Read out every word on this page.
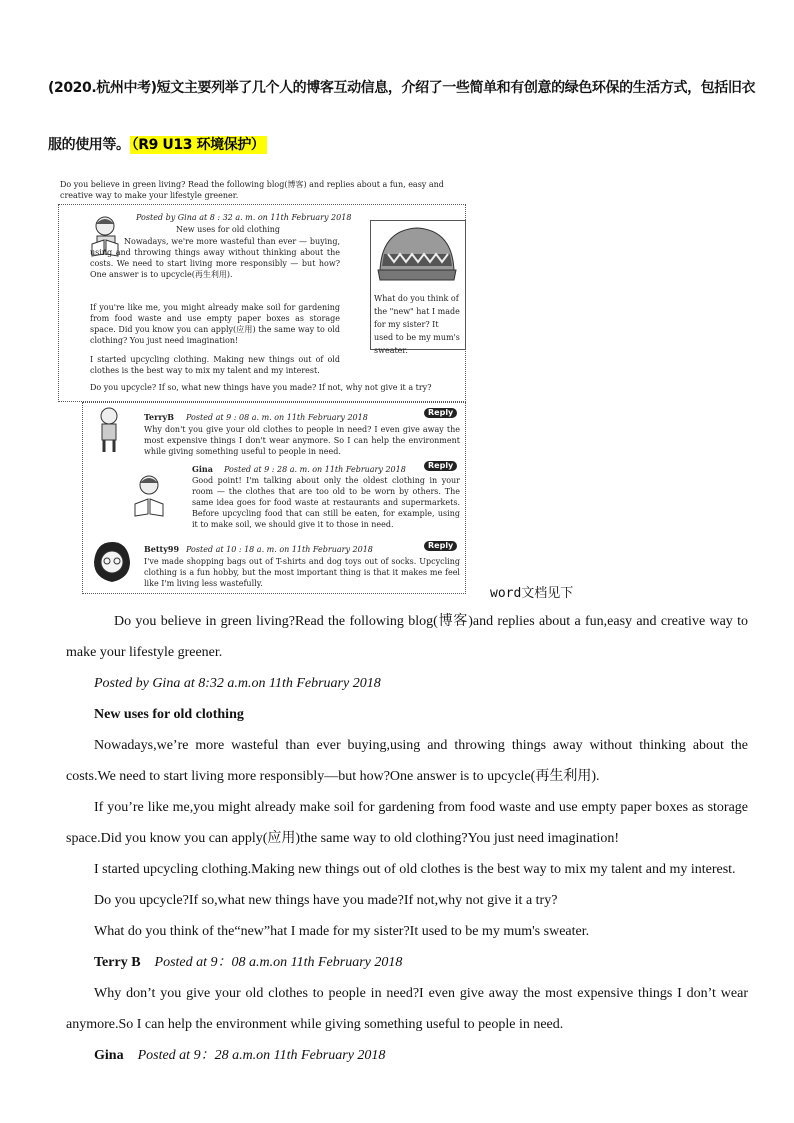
(2020.杭州中考)短文主要列举了几个人的博客互动信息，介绍了一些简单和有创意的绿色环保的生活方式，包括旧衣服的使用等。 （R9 U13 环境保护）
Do you believe in green living? Read the following blog(博客) and replies about a fun, easy and creative way to make your lifestyle greener.
Posted by Gina at 8 : 32 a. m. on 11th February 2018
New uses for old clothing
Nowadays, we're more wasteful than ever — buying, using and throwing things away without thinking about the costs. We need to start living more responsibly — but how? One answer is to upcycle(再生利用).
If you're like me, you might already make soil for gardening from food waste and use empty paper boxes as storage space. Did you know you can apply(应用) the same way to old clothing? You just need imagination!
I started upcycling clothing. Making new things out of old clothes is the best way to mix my talent and my interest.
Do you upcycle? If so, what new things have you made? If not, why not give it a try?
What do you think of the "new" hat I made for my sister? It used to be my mum's sweater.
TerryB Posted at 9 : 08 a. m. on 11th February 2018
Reply
Why don't you give your old clothes to people in need? I even give away the most expensive things I don't wear anymore. So I can help the environment while giving something useful to people in need.
Gina Posted at 9 : 28 a. m. on 11th February 2018	Reply
Good point! I'm talking about only the oldest clothing in your room — the clothes that are too old to be worn by others. The same idea goes for food waste at restaurants and supermarkets. Before upcycling food that can still be eaten, for example, using it to make soil, we should give it to those in need.
Betty99 Posted at 10 : 18 a. m. on 11th February 2018	Reply
I've made shopping bags out of T-shirts and dog toys out of socks. Upcycling clothing is a fun hobby, but the most important thing is that it makes me feel like I'm living less wastefully.
word文档见下
Do you believe in green living?Read the following blog(博客)and replies about a fun,easy and creative way to make your lifestyle greener.
Posted by Gina at 8:32 a.m.on 11th February 2018
New uses for old clothing
Nowadays,we’re more wasteful than ever buying,using and throwing things away without thinking about the costs.We need to start living more responsibly—but how?One answer is to upcycle(再生利用).
If you’re like me,you might already make soil for gardening from food waste and use empty paper boxes as storage space.Did you know you can apply(应用)the same way to old clothing?You just need imagination!
I started upcycling clothing.Making new things out of old clothes is the best way to mix my talent and my interest.
Do you upcycle?If so,what new things have you made?If not,why not give it a try?
What do you think of the“new”hat I made for my sister?It used to be my mum's sweater.
Terry B Posted at 9：08 a.m.on 11th February 2018
Why don’t you give your old clothes to people in need?I even give away the most expensive things I don’t wear anymore.So I can help the environment while giving something useful to people in need.
Gina Posted at 9：28 a.m.on 11th February 2018
